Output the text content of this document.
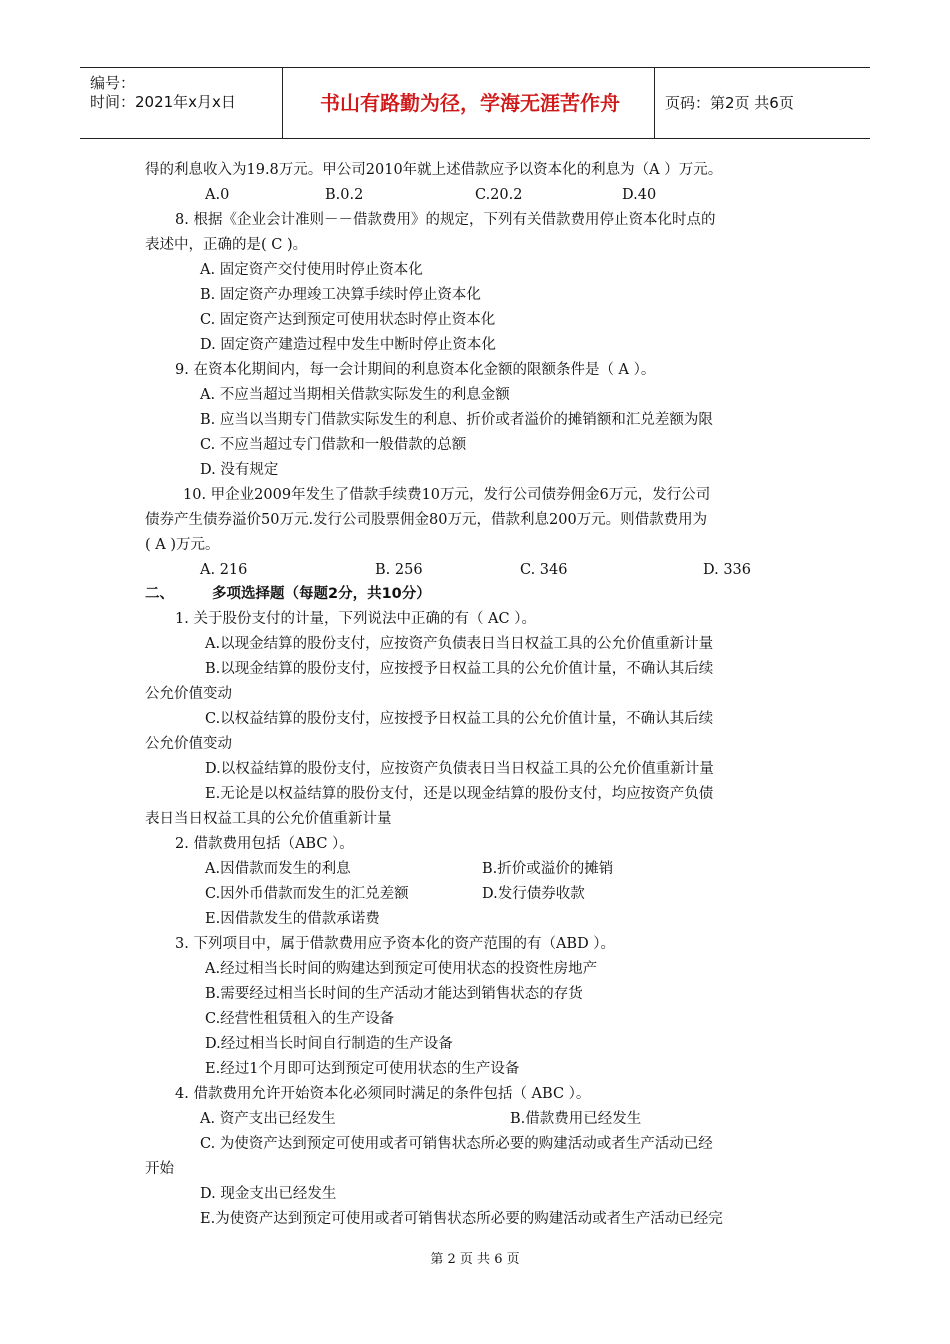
编号：
时间：2021年x月x日	书山有路勤为径，学海无涯苦作舟	页码：第2页 共6页
得的利息收入为19.8万元。甲公司2010年就上述借款应予以资本化的利息为（A ）万元。
A.0	B.0.2	C.20.2	D.40
8. 根据《企业会计准则－－借款费用》的规定，下列有关借款费用停止资本化时点的
表述中，正确的是( C )。
A. 固定资产交付使用时停止资本化
B. 固定资产办理竣工决算手续时停止资本化
C. 固定资产达到预定可使用状态时停止资本化
D. 固定资产建造过程中发生中断时停止资本化
9. 在资本化期间内，每一会计期间的利息资本化金额的限额条件是（ A ）。
A. 不应当超过当期相关借款实际发生的利息金额
B. 应当以当期专门借款实际发生的利息、折价或者溢价的摊销额和汇兑差额为限
C. 不应当超过专门借款和一般借款的总额
D. 没有规定
10. 甲企业2009年发生了借款手续费10万元，发行公司债券佣金6万元，发行公司
债券产生债券溢价50万元.发行公司股票佣金80万元，借款利息200万元。则借款费用为
( A )万元。
A. 216	B. 256	C. 346	D. 336
二、	多项选择题（每题2分，共10分）
1. 关于股份支付的计量，下列说法中正确的有（ AC ）。
A.以现金结算的股份支付，应按资产负债表日当日权益工具的公允价值重新计量
B.以现金结算的股份支付，应按授予日权益工具的公允价值计量，不确认其后续
公允价值变动
C.以权益结算的股份支付，应按授予日权益工具的公允价值计量，不确认其后续
公允价值变动
D.以权益结算的股份支付，应按资产负债表日当日权益工具的公允价值重新计量
E.无论是以权益结算的股份支付，还是以现金结算的股份支付，均应按资产负债
表日当日权益工具的公允价值重新计量
2. 借款费用包括（ABC ）。
A.因借款而发生的利息	B.折价或溢价的摊销
C.因外币借款而发生的汇兑差额	D.发行债券收款
E.因借款发生的借款承诺费
3. 下列项目中，属于借款费用应予资本化的资产范围的有（ABD ）。
A.经过相当长时间的购建达到预定可使用状态的投资性房地产
B.需要经过相当长时间的生产活动才能达到销售状态的存货
C.经营性租赁租入的生产设备
D.经过相当长时间自行制造的生产设备
E.经过1个月即可达到预定可使用状态的生产设备
4. 借款费用允许开始资本化必须同时满足的条件包括（ ABC ）。
A. 资产支出已经发生	B.借款费用已经发生
C. 为使资产达到预定可使用或者可销售状态所必要的购建活动或者生产活动已经
开始
D. 现金支出已经发生
E.为使资产达到预定可使用或者可销售状态所必要的购建活动或者生产活动已经完
第 2 页 共 6 页
